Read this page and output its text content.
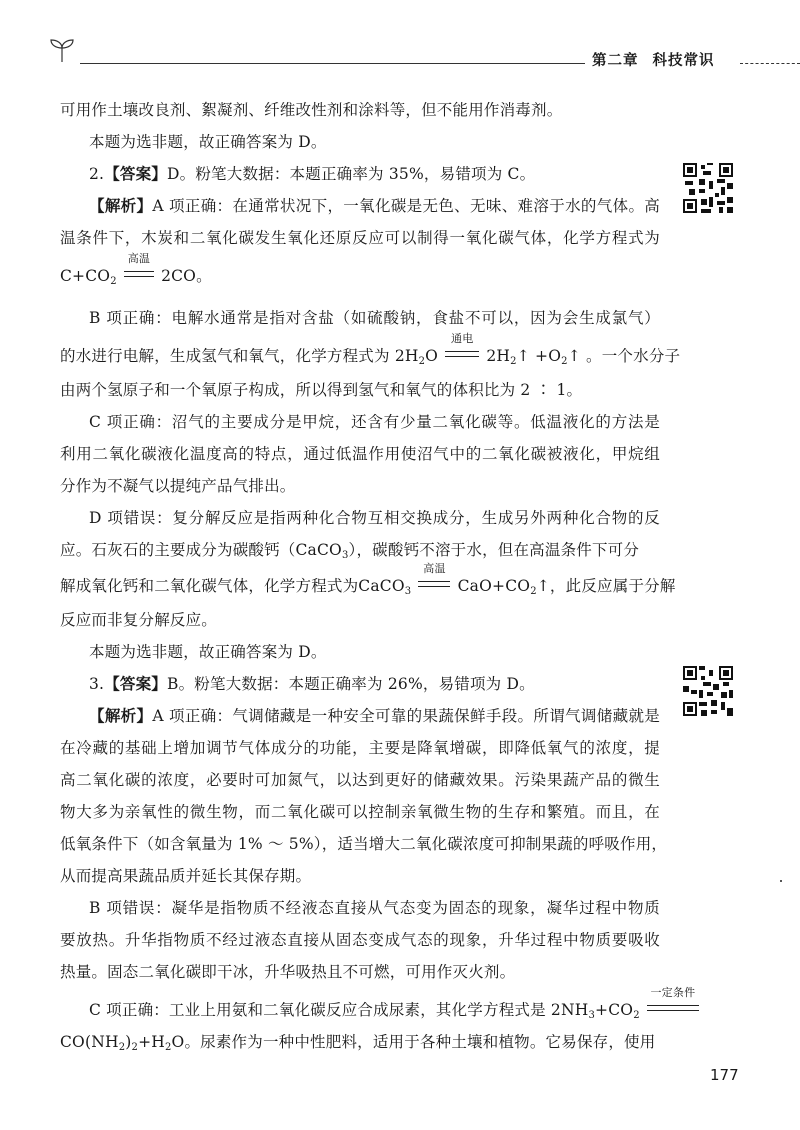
第二章 科技常识
可用作土壤改良剂、絮凝剂、纤维改性剂和涂料等，但不能用作消毒剂。
本题为选非题，故正确答案为 D。
2.【答案】D。粉笔大数据：本题正确率为 35%，易错项为 C。
【解析】A 项正确：在通常状况下，一氧化碳是无色、无味、难溶于水的气体。高
温条件下，木炭和二氧化碳发生氧化还原反应可以制得一氧化碳气体，化学方程式为
$C+CO_2$
高温
2CO。
B 项正确：电解水通常是指对含盐（如硫酸钠，食盐不可以，因为会生成氯气）
的水进行电解，生成氢气和氧气，化学方程式为 $2H_2O$
通电
$2H_2↑$ $+O_2↑$ 。一个水分子
由两个氢原子和一个氧原子构成，所以得到氢气和氧气的体积比为 2 ∶ 1。
C 项正确：沼气的主要成分是甲烷，还含有少量二氧化碳等。低温液化的方法是
利用二氧化碳液化温度高的特点，通过低温作用使沼气中的二氧化碳被液化，甲烷组
分作为不凝气以提纯产品气排出。
D 项错误：复分解反应是指两种化合物互相交换成分，生成另外两种化合物的反
应。石灰石的主要成分为碳酸钙（CaCO$_3$），碳酸钙不溶于水，但在高温条件下可分
解成氧化钙和二氧化碳气体，化学方程式为CaCO$_3$
高温
$CaO+CO_2↑$，此反应属于分解
反应而非复分解反应。
本题为选非题，故正确答案为 D。
3.【答案】B。粉笔大数据：本题正确率为 26%，易错项为 D。
【解析】A 项正确：气调储藏是一种安全可靠的果蔬保鲜手段。所谓气调储藏就是
在冷藏的基础上增加调节气体成分的功能，主要是降氧增碳，即降低氧气的浓度，提
高二氧化碳的浓度，必要时可加氮气，以达到更好的储藏效果。污染果蔬产品的微生
物大多为亲氧性的微生物，而二氧化碳可以控制亲氧微生物的生存和繁殖。而且，在
低氧条件下（如含氧量为 1% ～ 5%），适当增大二氧化碳浓度可抑制果蔬的呼吸作用，
从而提高果蔬品质并延长其保存期。
B 项错误：凝华是指物质不经液态直接从气态变为固态的现象，凝华过程中物质
要放热。升华指物质不经过液态直接从固态变成气态的现象，升华过程中物质要吸收
热量。固态二氧化碳即干冰，升华吸热且不可燃，可用作灭火剂。
C 项正确：工业上用氨和二氧化碳反应合成尿素，其化学方程式是 $2NH_3+CO_2$
一定条件
$CO(NH_2)_2+H_2O$。尿素作为一种中性肥料，适用于各种土壤和植物。它易保存，使用
177
